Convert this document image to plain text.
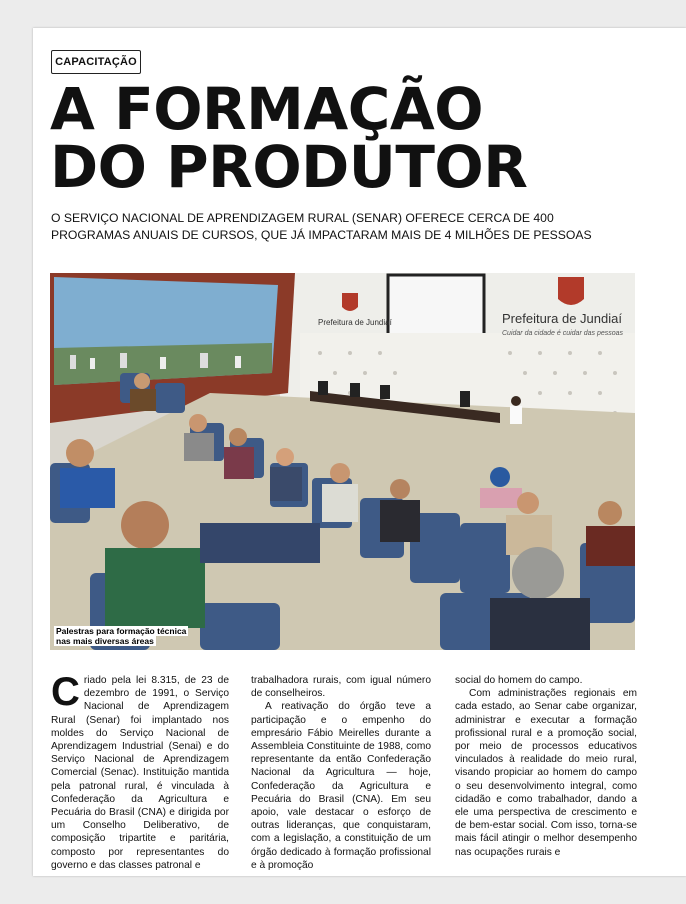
CAPACITAÇÃO
A FORMAÇÃO
DO PRODUTOR

O SERVIÇO NACIONAL DE APRENDIZAGEM RURAL (SENAR) OFERECE CERCA DE 400
PROGRAMAS ANUAIS DE CURSOS, QUE JÁ IMPACTARAM MAIS DE 4 MILHÕES DE PESSOAS

Prefeitura de Jundiaí	Prefeitura de Jundiaí
Cuidar da cidade é cuidar das pessoas
Palestras para formação técnica
nas mais diversas áreas

Criado pela lei 8.315, de 23 de dezembro de 1991, o Serviço Nacional de Aprendizagem Rural (Senar) foi implantado nos moldes do Serviço Nacional de Aprendizagem Industrial (Senai) e do Serviço Nacional de Aprendizagem Comercial (Senac). Instituição mantida pela patronal rural, é vinculada à Confederação da Agricultura e Pecuária do Brasil (CNA) e dirigida por um Conselho Deliberativo, de composição tripartite e paritária, composto por representantes do governo e das classes patronal e

trabalhadora rurais, com igual número de conselheiros.

A reativação do órgão teve a participação e o empenho do empresário Fábio Meirelles durante a Assembleia Constituinte de 1988, como representante da então Confederação Nacional da Agricultura — hoje, Confederação da Agricultura e Pecuária do Brasil (CNA). Em seu apoio, vale destacar o esforço de outras lideranças, que conquistaram, com a legislação, a constituição de um órgão dedicado à formação profissional e à promoção

social do homem do campo.

Com administrações regionais em cada estado, ao Senar cabe organizar, administrar e executar a formação profissional rural e a promoção social, por meio de processos educativos vinculados à realidade do meio rural, visando propiciar ao homem do campo o seu desenvolvimento integral, como cidadão e como trabalhador, dando a ele uma perspectiva de crescimento e de bem-estar social. Com isso, torna-se mais fácil atingir o melhor desempenho nas ocupações rurais e
